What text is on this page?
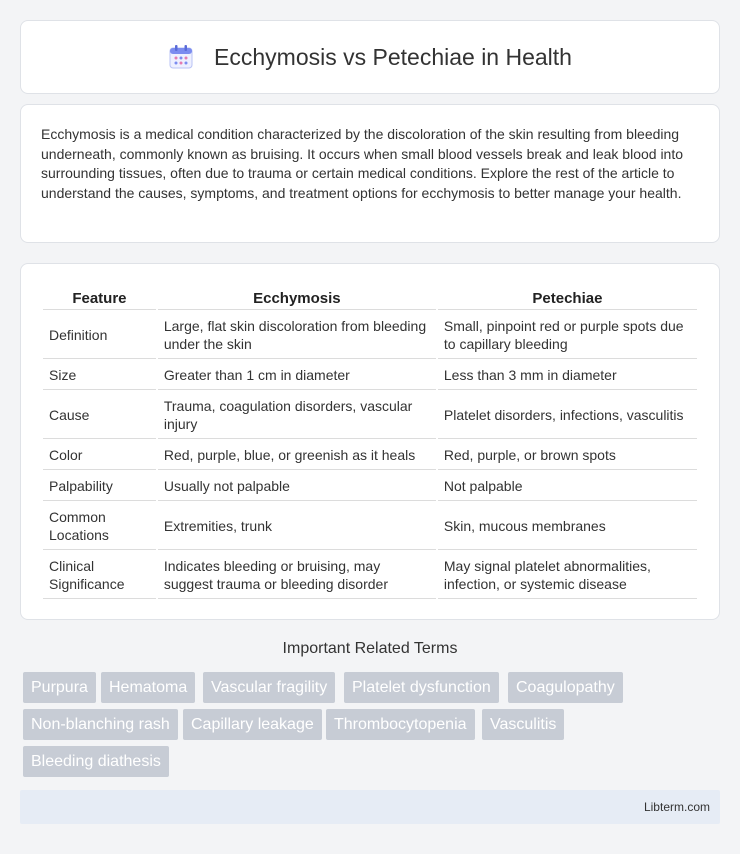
Ecchymosis vs Petechiae in Health

Ecchymosis is a medical condition characterized by the discoloration of the skin resulting from bleeding underneath, commonly known as bruising. It occurs when small blood vessels break and leak blood into surrounding tissues, often due to trauma or certain medical conditions. Explore the rest of the article to understand the causes, symptoms, and treatment options for ecchymosis to better manage your health.

Feature	Ecchymosis	Petechiae
Definition	Large, flat skin discoloration from bleeding under the skin	Small, pinpoint red or purple spots due to capillary bleeding
Size	Greater than 1 cm in diameter	Less than 3 mm in diameter
Cause	Trauma, coagulation disorders, vascular injury	Platelet disorders, infections, vasculitis
Color	Red, purple, blue, or greenish as it heals	Red, purple, or brown spots
Palpability	Usually not palpable	Not palpable
Common Locations	Extremities, trunk	Skin, mucous membranes
Clinical Significance	Indicates bleeding or bruising, may suggest trauma or bleeding disorder	May signal platelet abnormalities, infection, or systemic disease
Important Related Terms
Purpura	Hematoma	Vascular fragility	Platelet dysfunction	Coagulopathy
Non-blanching rash	Capillary leakage	Thrombocytopenia	Vasculitis
Bleeding diathesis
Libterm.com
